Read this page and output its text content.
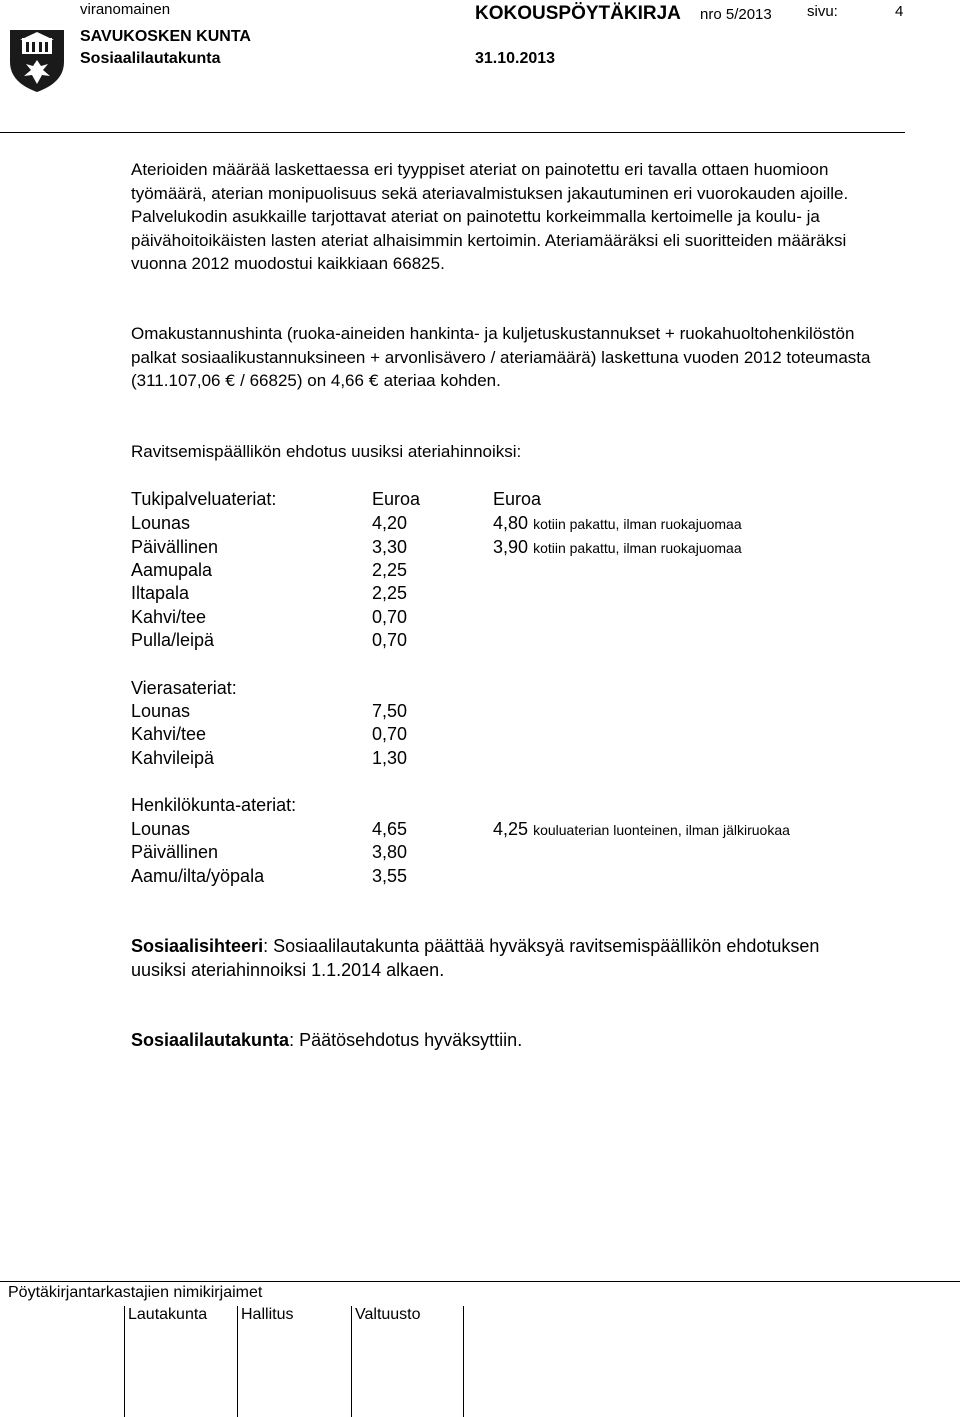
viranomainen	KOKOUSPÖYTÄKIRJA nro 5/2013 sivu:	4
SAVUKOSKEN KUNTA
Sosiaalilautakunta	31.10.2013

Aterioiden määrää laskettaessa eri tyyppiset ateriat on painotettu eri tavalla ottaen huomioon työmäärä, aterian monipuolisuus sekä ateriavalmistuksen jakautuminen eri vuorokauden ajoille. Palvelukodin asukkaille tarjottavat ateriat on painotettu korkeimmalla kertoimelle ja koulu- ja päivähoitoikäisten lasten ateriat alhaisimmin kertoimin. Ateriamääräksi eli suoritteiden määräksi vuonna 2012 muodostui kaikkiaan 66825.

Omakustannushinta (ruoka-aineiden hankinta- ja kuljetuskustannukset + ruokahuoltohenkilöstön palkat sosiaalikustannuksineen + arvonlisävero / ateriamäärä) laskettuna vuoden 2012 toteumasta (311.107,06 € / 66825) on 4,66 € ateriaa kohden.

Ravitsemispäällikön ehdotus uusiksi ateriahinnoiksi:

Tukipalveluateriat:	Euroa	Euroa
Lounas	4,20	4,80 kotiin pakattu, ilman ruokajuomaa
Päivällinen	3,30	3,90 kotiin pakattu, ilman ruokajuomaa
Aamupala	2,25
Iltapala	2,25
Kahvi/tee	0,70
Pulla/leipä	0,70
Vierasateriat:
Lounas	7,50
Kahvi/tee	0,70
Kahvileipä	1,30
Henkilökunta-ateriat:
Lounas	4,65	4,25 kouluaterian luonteinen, ilman jälkiruokaa
Päivällinen	3,80
Aamu/ilta/yöpala	3,55

Sosiaalisihteeri: Sosiaalilautakunta päättää hyväksyä ravitsemispäällikön ehdotuksen uusiksi ateriahinnoiksi 1.1.2014 alkaen.

Sosiaalilautakunta: Päätösehdotus hyväksyttiin.

Pöytäkirjantarkastajien nimikirjaimet
Lautakunta Hallitus	Valtuusto
